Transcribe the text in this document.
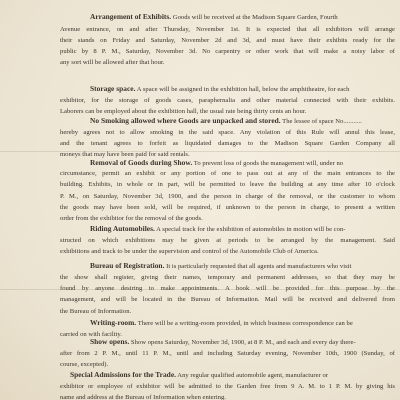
Arrangement of Exhibits. Goods will be received at the Madison Square Garden, Fourth
Avenue entrance, on and after Thursday, November 1st. It is expected that all exhibitors will arrange
their stands on Friday and Saturday, November 2d and 3d, and must have their exhibits ready for the
public by 8 P. M., Saturday, November 3d. No carpentry or other work that will make a noisy labor of
any sort will be allowed after that hour.
Storage space. A space will be assigned in the exhibition hall, below the amphitheatre, for each
exhibitor, for the storage of goods cases, paraphernalia and other material connected with their exhibits.
Laborers can be employed about the exhibition hall, the usual rate being thirty cents an hour.
No Smoking allowed where Goods are unpacked and stored. The lessee of space No...........
hereby agrees not to allow smoking in the said space. Any violation of this Rule will annul this lease,
and the tenant agrees to forfeit as liquidated damages to the Madison Square Garden Company all
moneys that may have been paid for said rentals.
Removal of Goods during Show. To prevent loss of goods the management will, under no
circumstance, permit an exhibit or any portion of one to pass out at any of the main entrances to the
building. Exhibits, in whole or in part, will be permitted to leave the building at any time after 10 o'clock
P. M., on Saturday, November 3d, 1900, and the person in charge of the removal, or the customer to whom
the goods may have been sold, will be required, if unknown to the person in charge, to present a written
order from the exhibitor for the removal of the goods.
Riding Automobiles. A special track for the exhibition of automobiles in motion will be con-
structed on which exhibitions may be given at periods to be arranged by the management. Said
exhibitions and track to be under the supervision and control of the Automobile Club of America.
Bureau of Registration. It is particularly requested that all agents and manufacturers who visit
the show shall register, giving their names, temporary and permanent addresses, so that they may be
found by anyone desiring to make appointments. A book will be provided for this purpose by the
management, and will be located in the Bureau of Information. Mail will be received and delivered from
the Bureau of Information.
Writing-room. There will be a writing-room provided, in which business correspondence can be
carried on with facility.
Show opens. Show opens Saturday, November 3d, 1900, at 8 P. M., and each and every day there-
after from 2 P. M., until 11 P. M., until and including Saturday evening, November 10th, 1900 (Sunday, of
course, excepted).
Special Admissions for the Trade. Any regular qualified automobile agent, manufacturer or
exhibitor or employee of exhibitor will be admitted to the Garden free from 9 A. M. to 1 P. M. by giving his
name and address at the Bureau of Information when entering.
